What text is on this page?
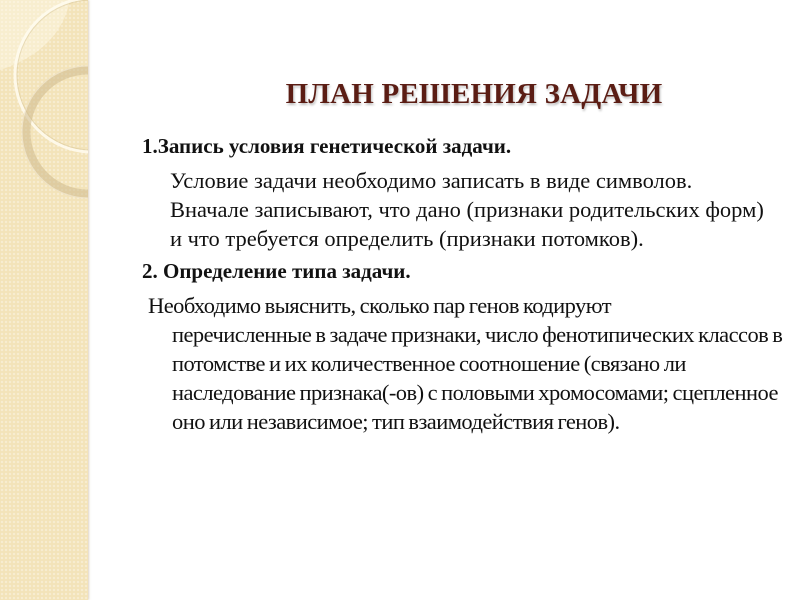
ПЛАН РЕШЕНИЯ ЗАДАЧИ

1.Запись условия генетической задачи.

Условие задачи необходимо записать в виде символов. Вначале записывают, что дано (признаки родительских форм) и что требуется определить (признаки потомков).

2. Определение типа задачи.

Необходимо выяснить, сколько пар генов кодируют
перечисленные в задаче признаки, число фенотипических классов в потомстве и их количественное соотношение (связано ли наследование признака(-ов) с половыми хромосомами; сцепленное оно или независимое; тип взаимодействия генов).
